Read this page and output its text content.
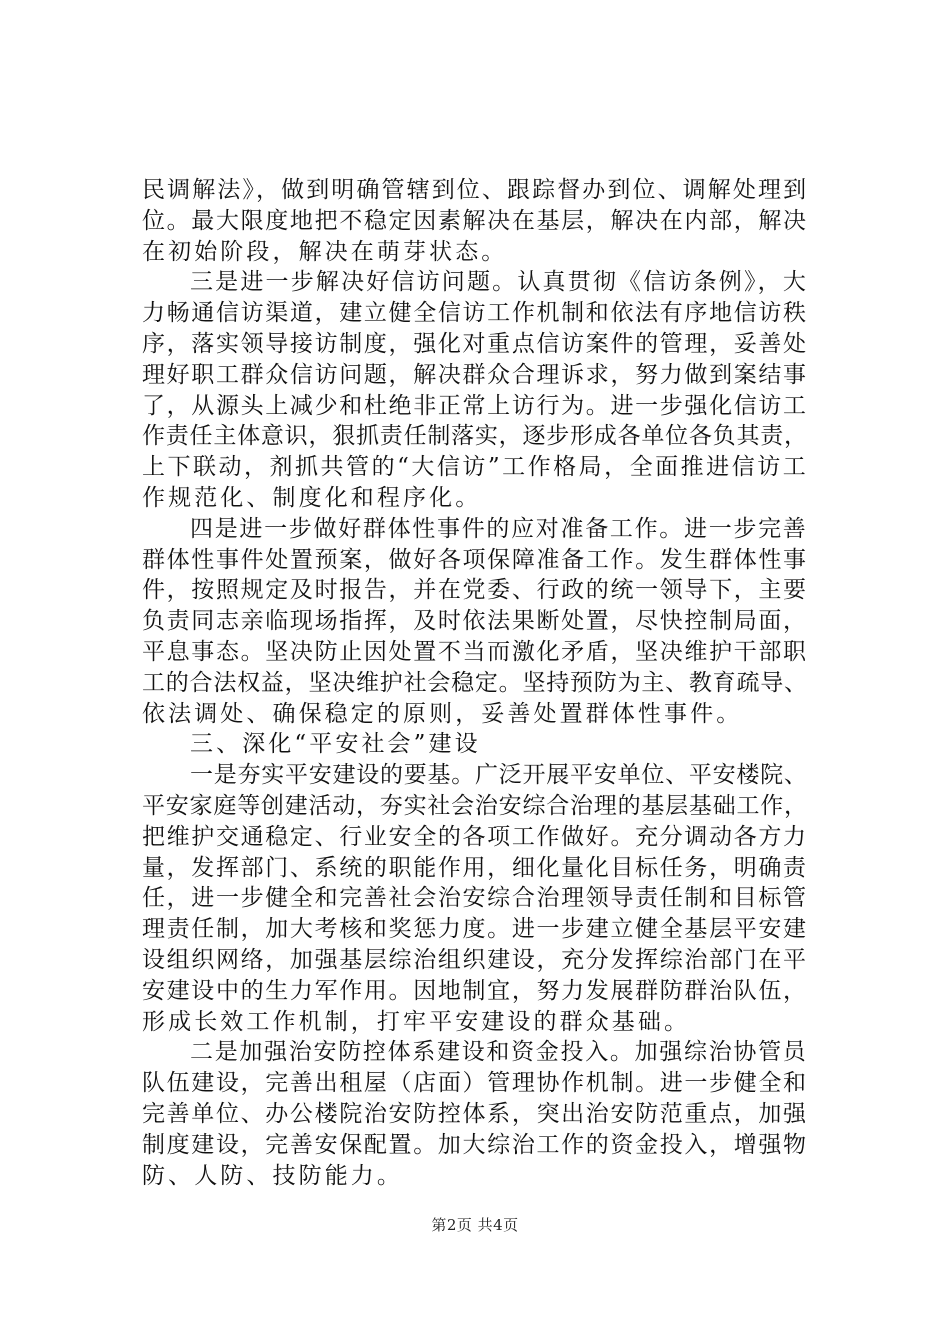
民调解法》，做到明确管辖到位、跟踪督办到位、调解处理到
位。最大限度地把不稳定因素解决在基层，解决在内部，解决
在初始阶段，解决在萌芽状态。

三是进一步解决好信访问题。认真贯彻《信访条例》，大
力畅通信访渠道，建立健全信访工作机制和依法有序地信访秩
序，落实领导接访制度，强化对重点信访案件的管理，妥善处
理好职工群众信访问题，解决群众合理诉求，努力做到案结事
了，从源头上减少和杜绝非正常上访行为。进一步强化信访工
作责任主体意识，狠抓责任制落实，逐步形成各单位各负其责，
上下联动，剂抓共管的“大信访”工作格局，全面推进信访工
作规范化、制度化和程序化。

四是进一步做好群体性事件的应对准备工作。进一步完善
群体性事件处置预案，做好各项保障准备工作。发生群体性事
件，按照规定及时报告，并在党委、行政的统一领导下，主要
负责同志亲临现场指挥，及时依法果断处置，尽快控制局面，
平息事态。坚决防止因处置不当而激化矛盾，坚决维护干部职
工的合法权益，坚决维护社会稳定。坚持预防为主、教育疏导、
依法调处、确保稳定的原则，妥善处置群体性事件。

三、深化“平安社会”建设

一是夯实平安建设的要基。广泛开展平安单位、平安楼院、
平安家庭等创建活动，夯实社会治安综合治理的基层基础工作，
把维护交通稳定、行业安全的各项工作做好。充分调动各方力
量，发挥部门、系统的职能作用，细化量化目标任务，明确责
任，进一步健全和完善社会治安综合治理领导责任制和目标管
理责任制，加大考核和奖惩力度。进一步建立健全基层平安建
设组织网络，加强基层综治组织建设，充分发挥综治部门在平
安建设中的生力军作用。因地制宜，努力发展群防群治队伍，
形成长效工作机制，打牢平安建设的群众基础。

二是加强治安防控体系建设和资金投入。加强综治协管员
队伍建设，完善出租屋（店面）管理协作机制。进一步健全和
完善单位、办公楼院治安防控体系，突出治安防范重点，加强
制度建设，完善安保配置。加大综治工作的资金投入，增强物
防、人防、技防能力。

第2页 共4页
